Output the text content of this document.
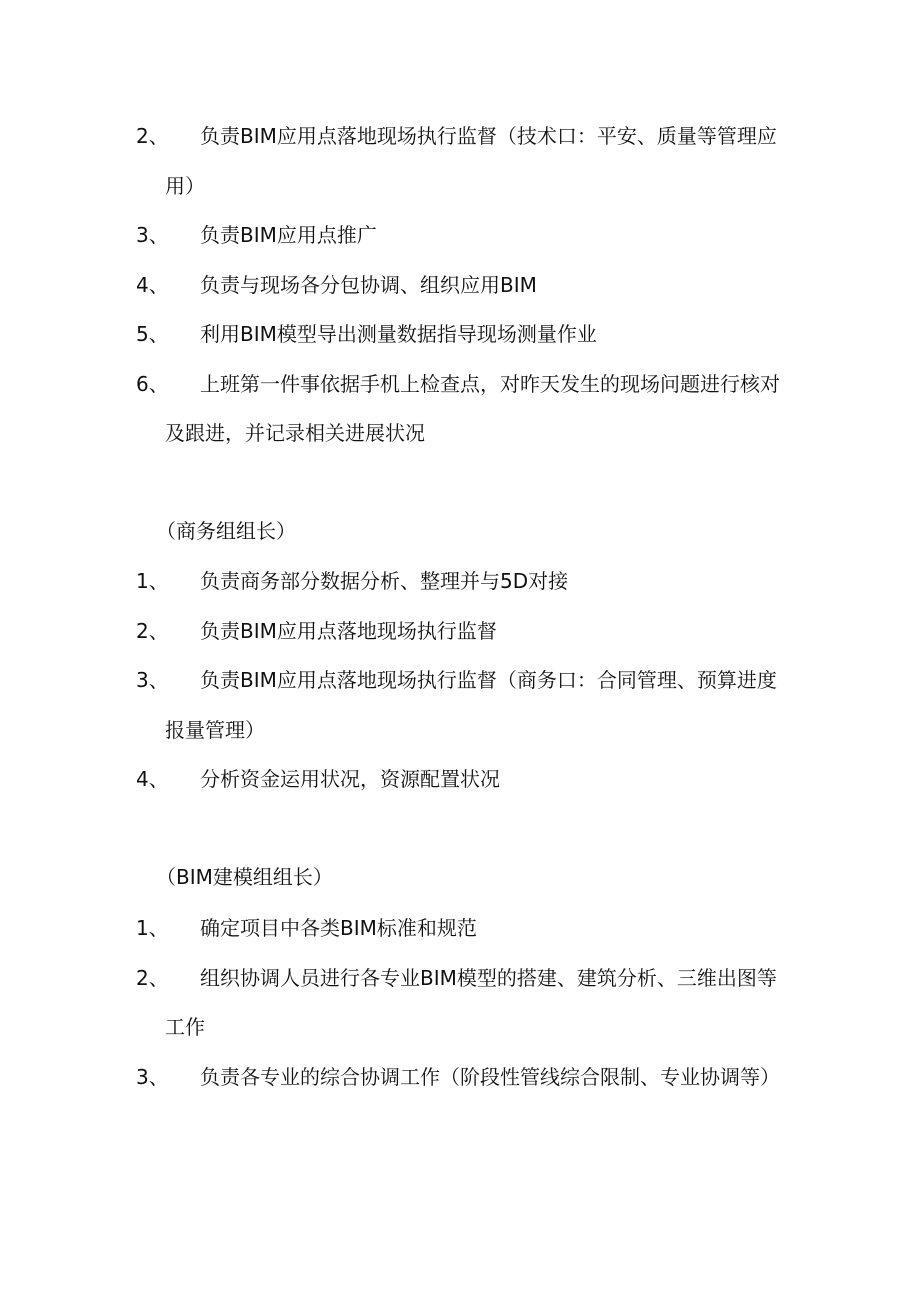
2、	负责BIM应用点落地现场执行监督（技术口：平安、质量等管理应用）
3、	负责BIM应用点推广
4、	负责与现场各分包协调、组织应用BIM
5、	利用BIM模型导出测量数据指导现场测量作业
6、	上班第一件事依据手机上检查点，对昨天发生的现场问题进行核对及跟进，并记录相关进展状况
（商务组组长）
1、	负责商务部分数据分析、整理并与5D对接
2、	负责BIM应用点落地现场执行监督
3、	负责BIM应用点落地现场执行监督（商务口：合同管理、预算进度报量管理）
4、	分析资金运用状况，资源配置状况
（BIM建模组组长）
1、	确定项目中各类BIM标准和规范
2、	组织协调人员进行各专业BIM模型的搭建、建筑分析、三维出图等工作
3、	负责各专业的综合协调工作（阶段性管线综合限制、专业协调等）
